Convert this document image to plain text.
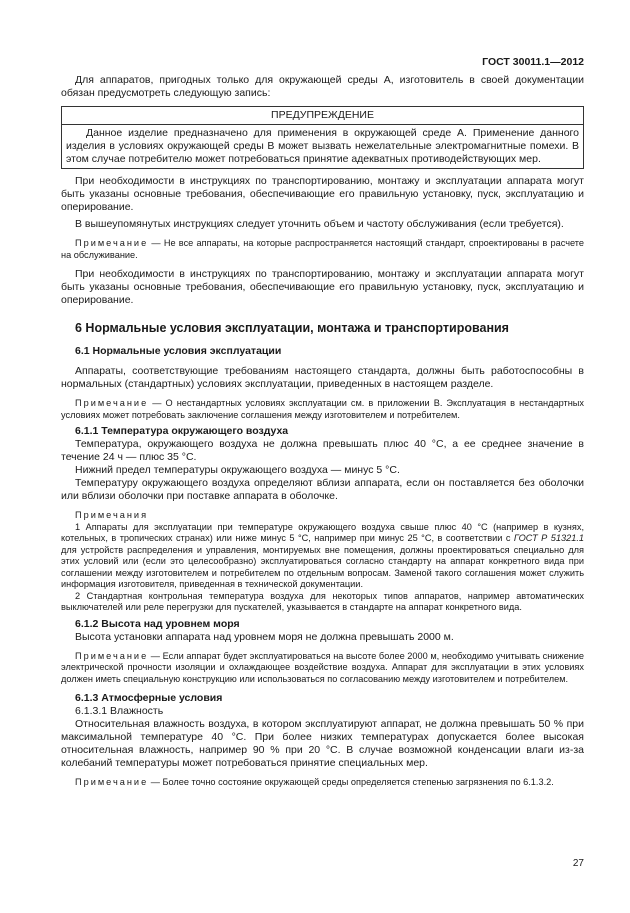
ГОСТ 30011.1—2012

Для аппаратов, пригодных только для окружающей среды А, изготовитель в своей документации обязан предусмотреть следующую запись:

ПРЕДУПРЕЖДЕНИЕ
Данное изделие предназначено для применения в окружающей среде А. Применение данного изделия в условиях окружающей среды В может вызвать нежелательные электромагнитные помехи. В этом случае потребителю может потребоваться принятие адекватных противодействующих мер.

При необходимости в инструкциях по транспортированию, монтажу и эксплуатации аппарата могут быть указаны основные требования, обеспечивающие его правильную установку, пуск, эксплуатацию и оперирование.

В вышеупомянутых инструкциях следует уточнить объем и частоту обслуживания (если требуется).

Примечание — Не все аппараты, на которые распространяется настоящий стандарт, спроектированы в расчете на обслуживание.

При необходимости в инструкциях по транспортированию, монтажу и эксплуатации аппарата могут быть указаны основные требования, обеспечивающие его правильную установку, пуск, эксплуатацию и оперирование.

6 Нормальные условия эксплуатации, монтажа и транспортирования
6.1 Нормальные условия эксплуатации

Аппараты, соответствующие требованиям настоящего стандарта, должны быть работоспособны в нормальных (стандартных) условиях эксплуатации, приведенных в настоящем разделе.

Примечание — О нестандартных условиях эксплуатации см. в приложении В. Эксплуатация в нестандартных условиях может потребовать заключение соглашения между изготовителем и потребителем.

6.1.1 Температура окружающего воздуха

Температура, окружающего воздуха не должна превышать плюс 40 °С, а ее среднее значение в течение 24 ч — плюс 35 °С.

Нижний предел температуры окружающего воздуха — минус 5 °С.

Температуру окружающего воздуха определяют вблизи аппарата, если он поставляется без оболочки или вблизи оболочки при поставке аппарата в оболочке.

Примечания

1 Аппараты для эксплуатации при температуре окружающего воздуха свыше плюс 40 °С (например в кузнях, котельных, в тропических странах) или ниже минус 5 °С, например при минус 25 °С, в соответствии с ГОСТ Р 51321.1 для устройств распределения и управления, монтируемых вне помещения, должны проектироваться специально для этих условий или (если это целесообразно) эксплуатироваться согласно стандарту на аппарат конкретного вида при соглашении между изготовителем и потребителем по отдельным вопросам. Заменой такого соглашения может служить информация изготовителя, приведенная в технической документации.

2 Стандартная контрольная температура воздуха для некоторых типов аппаратов, например автоматических выключателей или реле перегрузки для пускателей, указывается в стандарте на аппарат конкретного вида.

6.1.2 Высота над уровнем моря

Высота установки аппарата над уровнем моря не должна превышать 2000 м.

Примечание — Если аппарат будет эксплуатироваться на высоте более 2000 м, необходимо учитывать снижение электрической прочности изоляции и охлаждающее воздействие воздуха. Аппарат для эксплуатации в этих условиях должен иметь специальную конструкцию или использоваться по согласованию между изготовителем и потребителем.

6.1.3 Атмосферные условия

6.1.3.1 Влажность

Относительная влажность воздуха, в котором эксплуатируют аппарат, не должна превышать 50 % при максимальной температуре 40 °С. При более низких температурах допускается более высокая относительная влажность, например 90 % при 20 °С. В случае возможной конденсации влаги из-за колебаний температуры может потребоваться принятие специальных мер.

Примечание — Более точно состояние окружающей среды определяется степенью загрязнения по 6.1.3.2.

27
